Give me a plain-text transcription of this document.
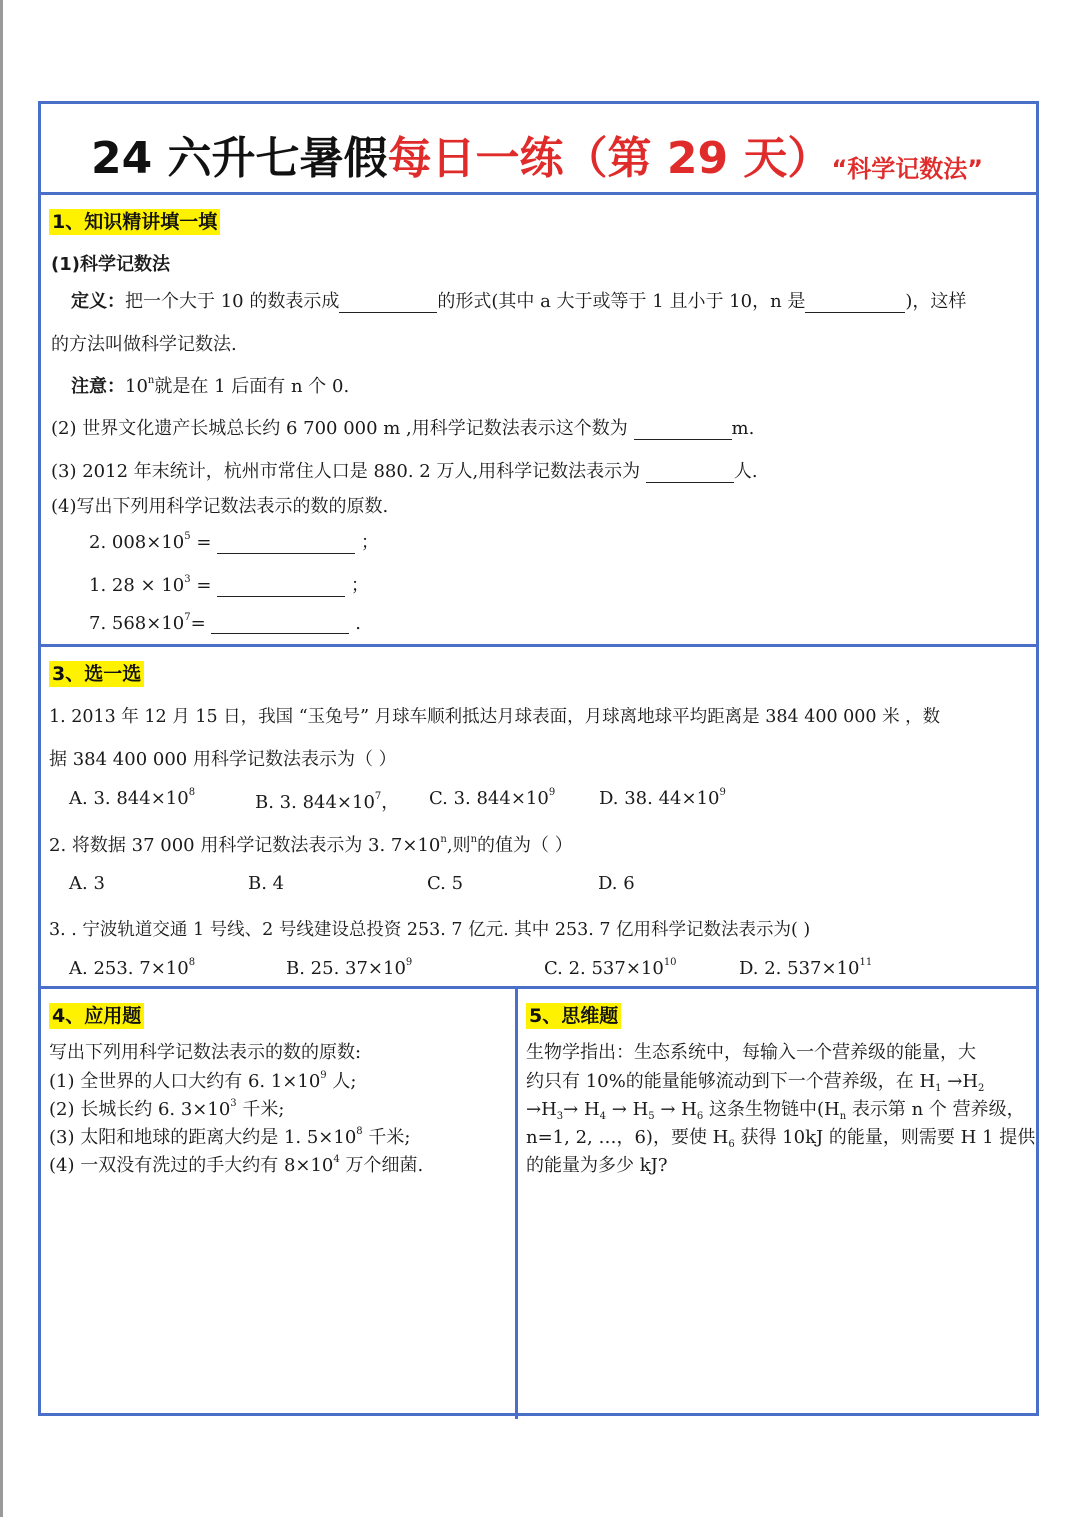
24 六升七暑假每日一练（第 29 天）“科学记数法”
1、知识精讲填一填
(1)科学记数法
定义：把一个大于 10 的数表示成	的形式(其中 a 大于或等于 1 且小于 10，n 是	)，这样
的方法叫做科学记数法.
注意：10$^n$就是在 1 后面有 n 个 0.
(2) 世界文化遗产长城总长约 6 700 000 m ,用科学记数法表示这个数为	m.
(3) 2012 年末统计，杭州市常住人口是 880. 2 万人,用科学记数法表示为	人.
(4)写出下列用科学记数法表示的数的原数.
2. $008\times 10^5$ =	；
1. $28 \times 10^3$ =	；
7. $568\times 10^7=$	.
3、选一选
1. 2013 年 12 月 15 日，我国 “玉兔号” 月球车顺利抵达月球表面，月球离地球平均距离是 384 400 000 米 ，数
据 384 400 000 用科学记数法表示为（ ）
A. 3. $844\times 10^8$	B. 3. $844\times 10^7$， C. 3. $844\times 10^9$ D. 38. $44\times 10^9$
2. 将数据 37 000 用科学记数法表示为 3. $7\times 10^n$,则$^n$的值为（ ）
A. 3	B. 4	C. 5	D. 6
3. . 宁波轨道交通 1 号线、2 号线建设总投资 253. 7 亿元. 其中 253. 7 亿用科学记数法表示为( )
A. 253. $7\times 10^8$	B. 25. $37\times 10^9$	C. 2. $537\times 10^{10}$	D. 2. $537\times 10^{11}$
4、应用题
写出下列用科学记数法表示的数的原数:
(1) 全世界的人口大约有 6. $1\times 10^9$ 人;
(2) 长城长约 6. $3\times 10^3$ 千米;
(3) 太阳和地球的距离大约是 1. $5\times 10^8$ 千米;
(4) 一双没有洗过的手大约有 $8\times 10^4$ 万个细菌.
5、思维题
生物学指出：生态系统中，每输入一个营养级的能量，大
约只有 10%的能量能够流动到下一个营养级，在 $H_1 \to H_2$
$\to H_3\to H_4 \to H_5 \to H_6$ 这条生物链中($H_n$ 表示第 n 个 营养级，
n=1, 2, …，6)，要使 $H_6$ 获得 10kJ 的能量，则需要 H 1 提供
的能量为多少 kJ?
